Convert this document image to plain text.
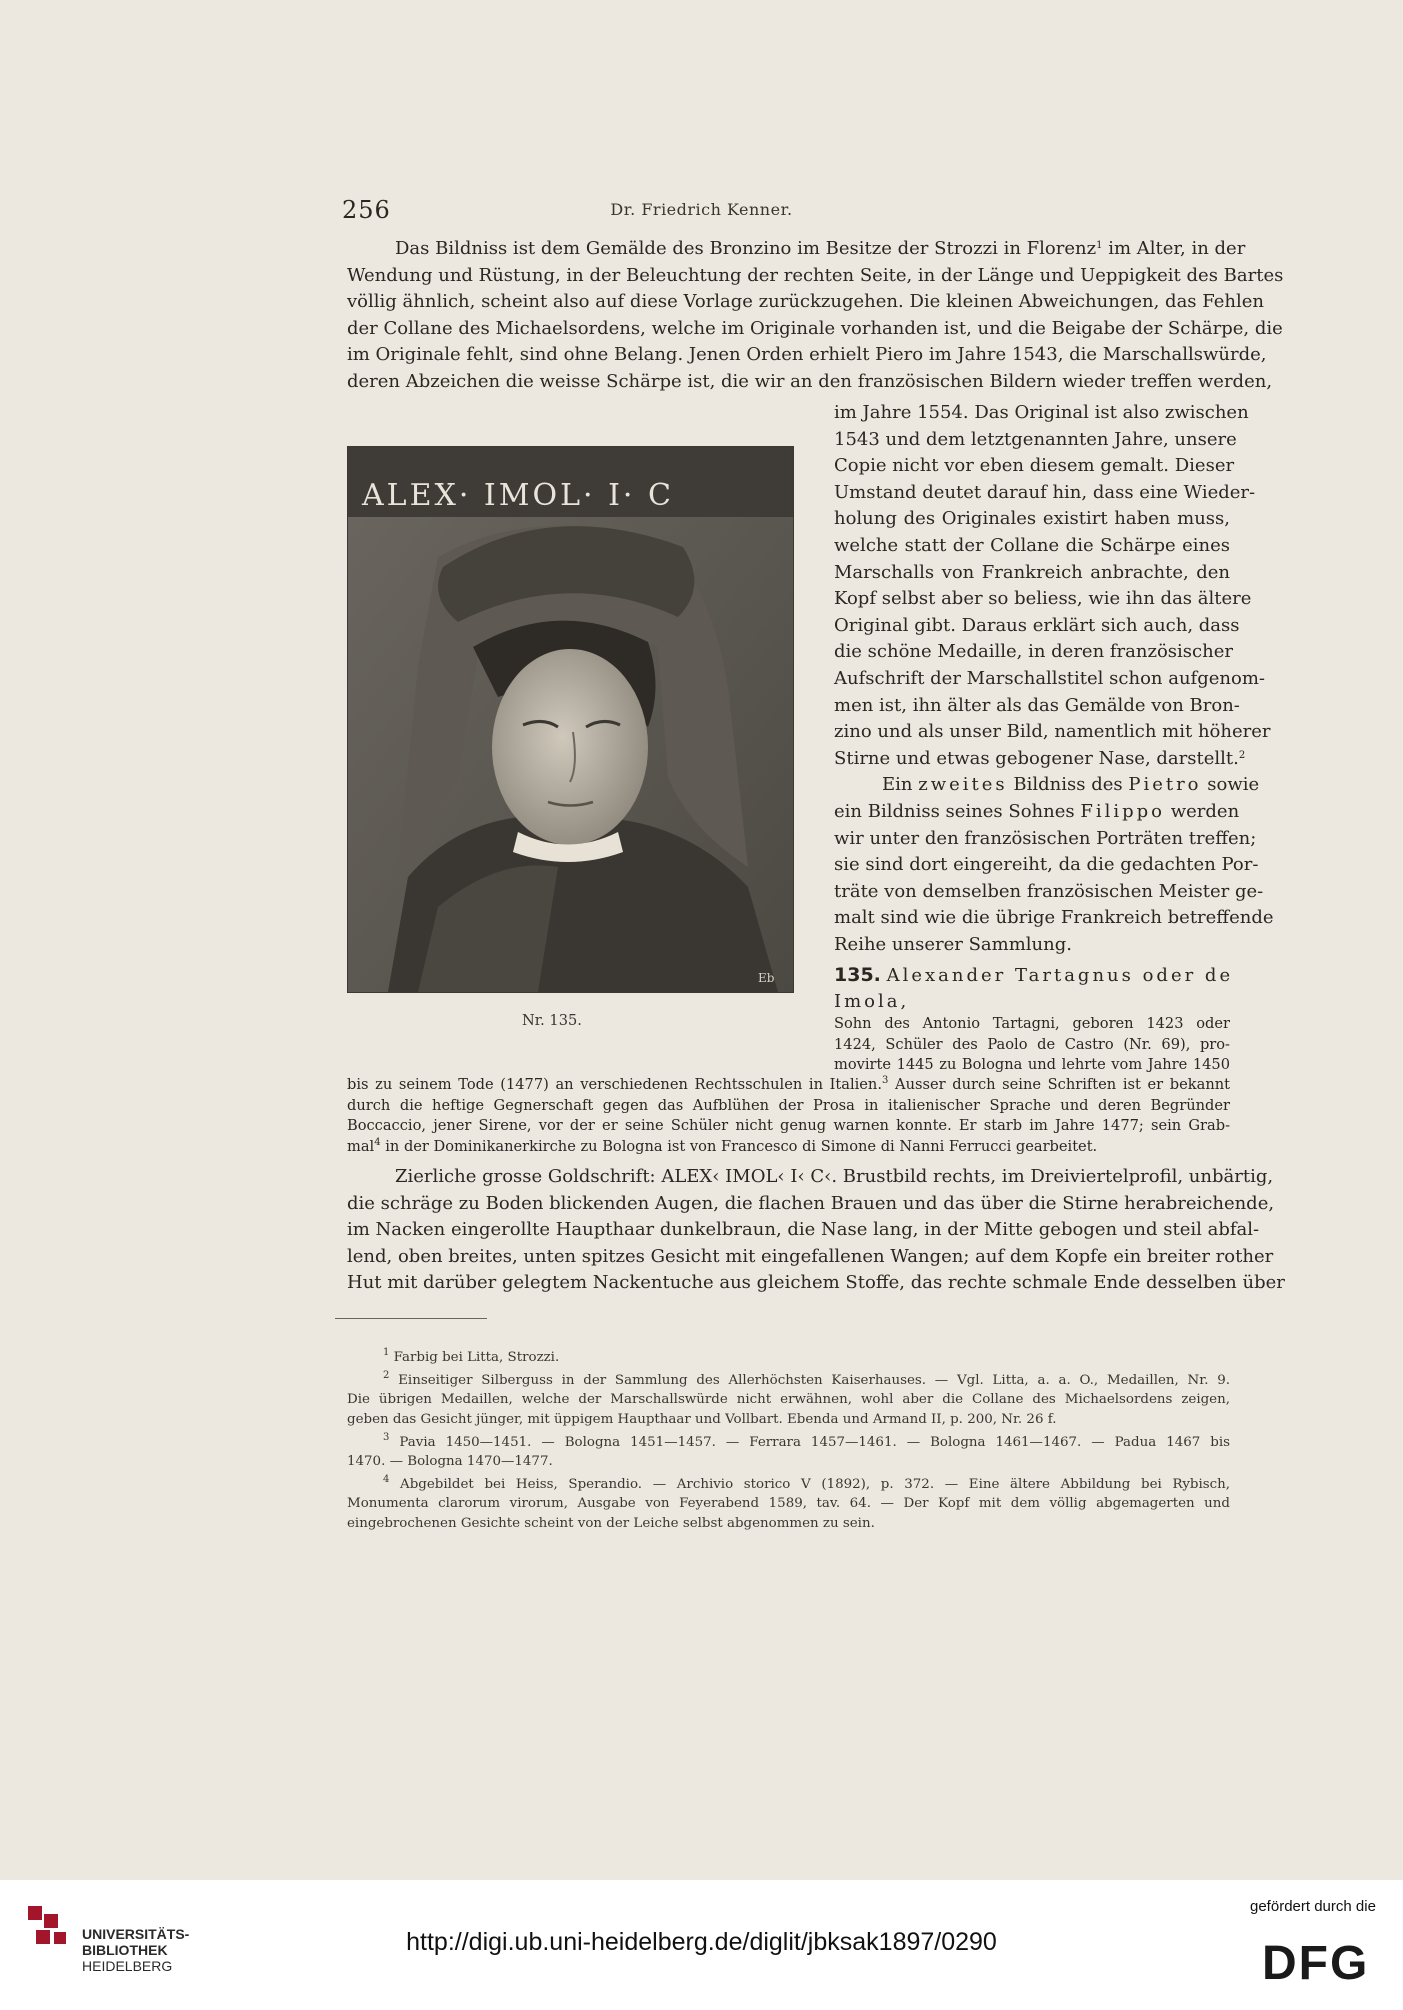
256	Dr. Friedrich Kenner.
Das Bildniss ist dem Gemälde des Bronzino im Besitze der Strozzi in Florenz$^1$ im Alter, in der
Wendung und Rüstung, in der Beleuchtung der rechten Seite, in der Länge und Ueppigkeit des Bartes
völlig ähnlich, scheint also auf diese Vorlage zurückzugehen. Die kleinen Abweichungen, das Fehlen
der Collane des Michaelsordens, welche im Originale vorhanden ist, und die Beigabe der Schärpe, die
im Originale fehlt, sind ohne Belang. Jenen Orden erhielt Piero im Jahre 1543, die Marschallswürde,
deren Abzeichen die weisse Schärpe ist, die wir an den französischen Bildern wieder treffen werden,
im Jahre 1554. Das Original ist also zwischen
1543 und dem letztgenannten Jahre, unsere
Copie nicht vor eben diesem gemalt. Dieser
Umstand deutet darauf hin, dass eine Wieder-
holung des Originales existirt haben muss,
welche statt der Collane die Schärpe eines
Marschalls von Frankreich anbrachte, den
Kopf selbst aber so beliess, wie ihn das ältere
Original gibt. Daraus erklärt sich auch, dass
die schöne Medaille, in deren französischer
Aufschrift der Marschallstitel schon aufgenom-
men ist, ihn älter als das Gemälde von Bron-
zino und als unser Bild, namentlich mit höherer
Stirne und etwas gebogener Nase, darstellt.$^2$
Ein zweites Bildniss des Pietro sowie
ein Bildniss seines Sohnes Filippo werden
wir unter den französischen Porträten treffen;
sie sind dort eingereiht, da die gedachten Por-
träte von demselben französischen Meister ge-
malt sind wie die übrige Frankreich betreffende
Reihe unserer Sammlung.
135. Alexander Tartagnus oder de
Imola,
Sohn des Antonio Tartagni, geboren 1423 oder
1424, Schüler des Paolo de Castro (Nr. 69), pro-
movirte 1445 zu Bologna und lehrte vom Jahre 1450
bis zu seinem Tode (1477) an verschiedenen Rechtsschulen in Italien.$^3$ Ausser durch seine Schriften ist er bekannt
durch die heftige Gegnerschaft gegen das Aufblühen der Prosa in italienischer Sprache und deren Begründer
Boccaccio, jener Sirene, vor der er seine Schüler nicht genug warnen konnte. Er starb im Jahre 1477; sein Grab-
mal$^4$ in der Dominikanerkirche zu Bologna ist von Francesco di Simone di Nanni Ferrucci gearbeitet.
Zierliche grosse Goldschrift: ALEX‹ IMOL‹ I‹ C‹. Brustbild rechts, im Dreiviertelprofil, unbärtig,
die schräge zu Boden blickenden Augen, die flachen Brauen und das über die Stirne herabreichende,
im Nacken eingerollte Haupthaar dunkelbraun, die Nase lang, in der Mitte gebogen und steil abfal-
lend, oben breites, unten spitzes Gesicht mit eingefallenen Wangen; auf dem Kopfe ein breiter rother
Hut mit darüber gelegtem Nackentuche aus gleichem Stoffe, das rechte schmale Ende desselben über
ALEX· IMOL· I· C
Eb
Nr. 135.
$^1$ Farbig bei Litta, Strozzi.
$^2$ Einseitiger Silberguss in der Sammlung des Allerhöchsten Kaiserhauses. — Vgl. Litta, a. a. O., Medaillen, Nr. 9.
Die übrigen Medaillen, welche der Marschallswürde nicht erwähnen, wohl aber die Collane des Michaelsordens zeigen,
geben das Gesicht jünger, mit üppigem Haupthaar und Vollbart. Ebenda und Armand II, p. 200, Nr. 26 f.
$^3$ Pavia 1450—1451. — Bologna 1451—1457. — Ferrara 1457—1461. — Bologna 1461—1467. — Padua 1467 bis
1470. — Bologna 1470—1477.
$^4$ Abgebildet bei Heiss, Sperandio. — Archivio storico V (1892), p. 372. — Eine ältere Abbildung bei Rybisch,
Monumenta clarorum virorum, Ausgabe von Feyerabend 1589, tav. 64. — Der Kopf mit dem völlig abgemagerten und
eingebrochenen Gesichte scheint von der Leiche selbst abgenommen zu sein.
UNIVERSITÄTS-
BIBLIOTHEK
HEIDELBERG
http://digi.ub.uni-heidelberg.de/diglit/jbksak1897/0290
gefördert durch die
DFG
